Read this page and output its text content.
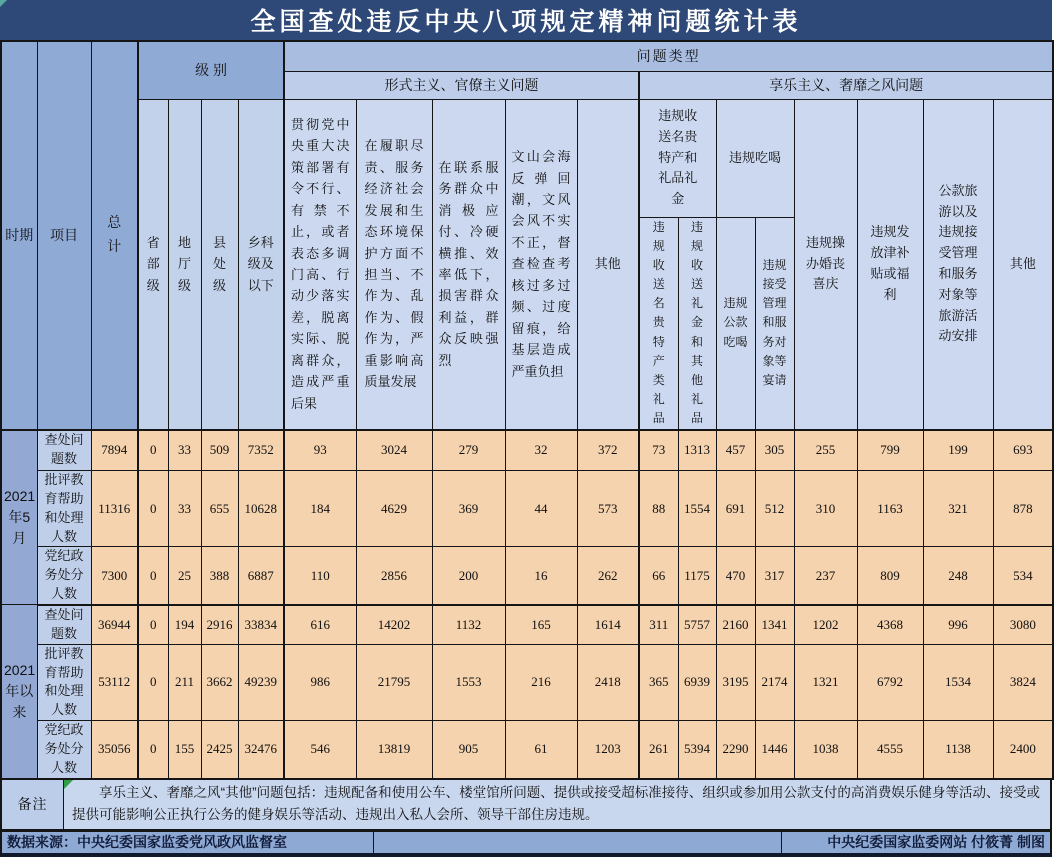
全国查处违反中央八项规定精神问题统计表
时期	项目	总计	级 别				问题类型												
							形式主义、官僚主义问题					享乐主义、奢靡之风问题							
			省部级	地厅级	县处级	乡科级及以下	贯彻党中央重大决策部署有令不行、有禁不止，或者表态多调门高、行动少落实差，脱离实际、脱离群众，造成严重后果	在履职尽责、服务经济社会发展和生态环境保护方面不担当、不作为、乱作为、假作为，严重影响高质量发展	在联系服务群众中消极应付、冷硬横推、效率低下，损害群众利益，群众反映强烈	文山会海反弹回潮，文风会风不实不正，督查检查考核过多过频、过度留痕，给基层造成严重负担	其他	违规收送名贵特产和礼品礼金		违规吃喝		违规操办婚丧喜庆	违规发放津补贴或福利	公款旅游以及违规接受管理和服务对象等旅游活动安排	其他
												违规收送名贵特产类礼品	违规收送礼金和其他礼品	违规公款吃喝	违规接受管理和服务对象等宴请				
2021年5月	查处问题数	7894	0	33	509	7352	93	3024	279	32	372	73	1313	457	305	255	799	199	693
	批评教育帮助和处理人数	11316	0	33	655	10628	184	4629	369	44	573	88	1554	691	512	310	1163	321	878
	党纪政务处分人数	7300	0	25	388	6887	110	2856	200	16	262	66	1175	470	317	237	809	248	534
2021年以来	查处问题数	36944	0	194	2916	33834	616	14202	1132	165	1614	311	5757	2160	1341	1202	4368	996	3080
	批评教育帮助和处理人数	53112	0	211	3662	49239	986	21795	1553	216	2418	365	6939	3195	2174	1321	6792	1534	3824
	党纪政务处分人数	35056	0	155	2425	32476	546	13819	905	61	1203	261	5394	2290	1446	1038	4555	1138	2400
备注
享乐主义、奢靡之风“其他”问题包括：违规配备和使用公车、楼堂馆所问题、提供或接受超标准接待、组织或参加用公款支付的高消费娱乐健身等活动、接受或提供可能影响公正执行公务的健身娱乐等活动、违规出入私人会所、领导干部住房违规。
数据来源：中央纪委国家监委党风政风监督室	中央纪委国家监委网站 付筱菁 制图
